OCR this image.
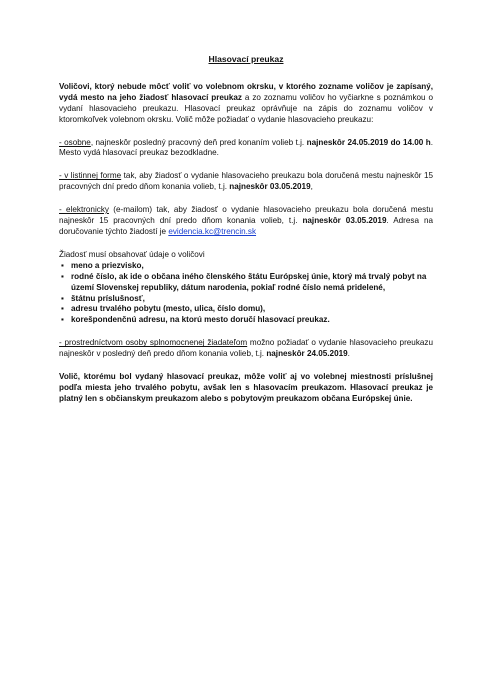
Hlasovací preukaz

Voličovi, ktorý nebude môcť voliť vo volebnom okrsku, v ktorého zozname voličov je zapísaný, vydá mesto na jeho žiadosť hlasovací preukaz a zo zoznamu voličov ho vyčiarkne s poznámkou o vydaní hlasovacieho preukazu. Hlasovací preukaz oprávňuje na zápis do zoznamu voličov v ktoromkoľvek volebnom okrsku. Volič môže požiadať o vydanie hlasovacieho preukazu:

- osobne, najneskôr posledný pracovný deň pred konaním volieb t.j. najneskôr 24.05.2019 do 14.00 h. Mesto vydá hlasovací preukaz bezodkladne.

- v listinnej forme tak, aby žiadosť o vydanie hlasovacieho preukazu bola doručená mestu najneskôr 15 pracovných dní predo dňom konania volieb, t.j. najneskôr 03.05.2019,

- elektronicky (e-mailom) tak, aby žiadosť o vydanie hlasovacieho preukazu bola doručená mestu najneskôr 15 pracovných dní predo dňom konania volieb, t.j. najneskôr 03.05.2019. Adresa na doručovanie týchto žiadostí je evidencia.kc@trencin.sk

Žiadosť musí obsahovať údaje o voličovi

▪ meno a priezvisko,
▪ rodné číslo, ak ide o občana iného členského štátu Európskej únie, ktorý má trvalý pobyt na území Slovenskej republiky, dátum narodenia, pokiaľ rodné číslo nemá pridelené,
▪ štátnu príslušnosť,
▪ adresu trvalého pobytu (mesto, ulica, číslo domu),
▪ korešpondenčnú adresu, na ktorú mesto doručí hlasovací preukaz.

- prostredníctvom osoby splnomocnenej žiadateľom možno požiadať o vydanie hlasovacieho preukazu najneskôr v posledný deň predo dňom konania volieb, t.j. najneskôr 24.05.2019.

Volič, ktorému bol vydaný hlasovací preukaz, môže voliť aj vo volebnej miestnosti príslušnej podľa miesta jeho trvalého pobytu, avšak len s hlasovacím preukazom. Hlasovací preukaz je platný len s občianskym preukazom alebo s pobytovým preukazom občana Európskej únie.
